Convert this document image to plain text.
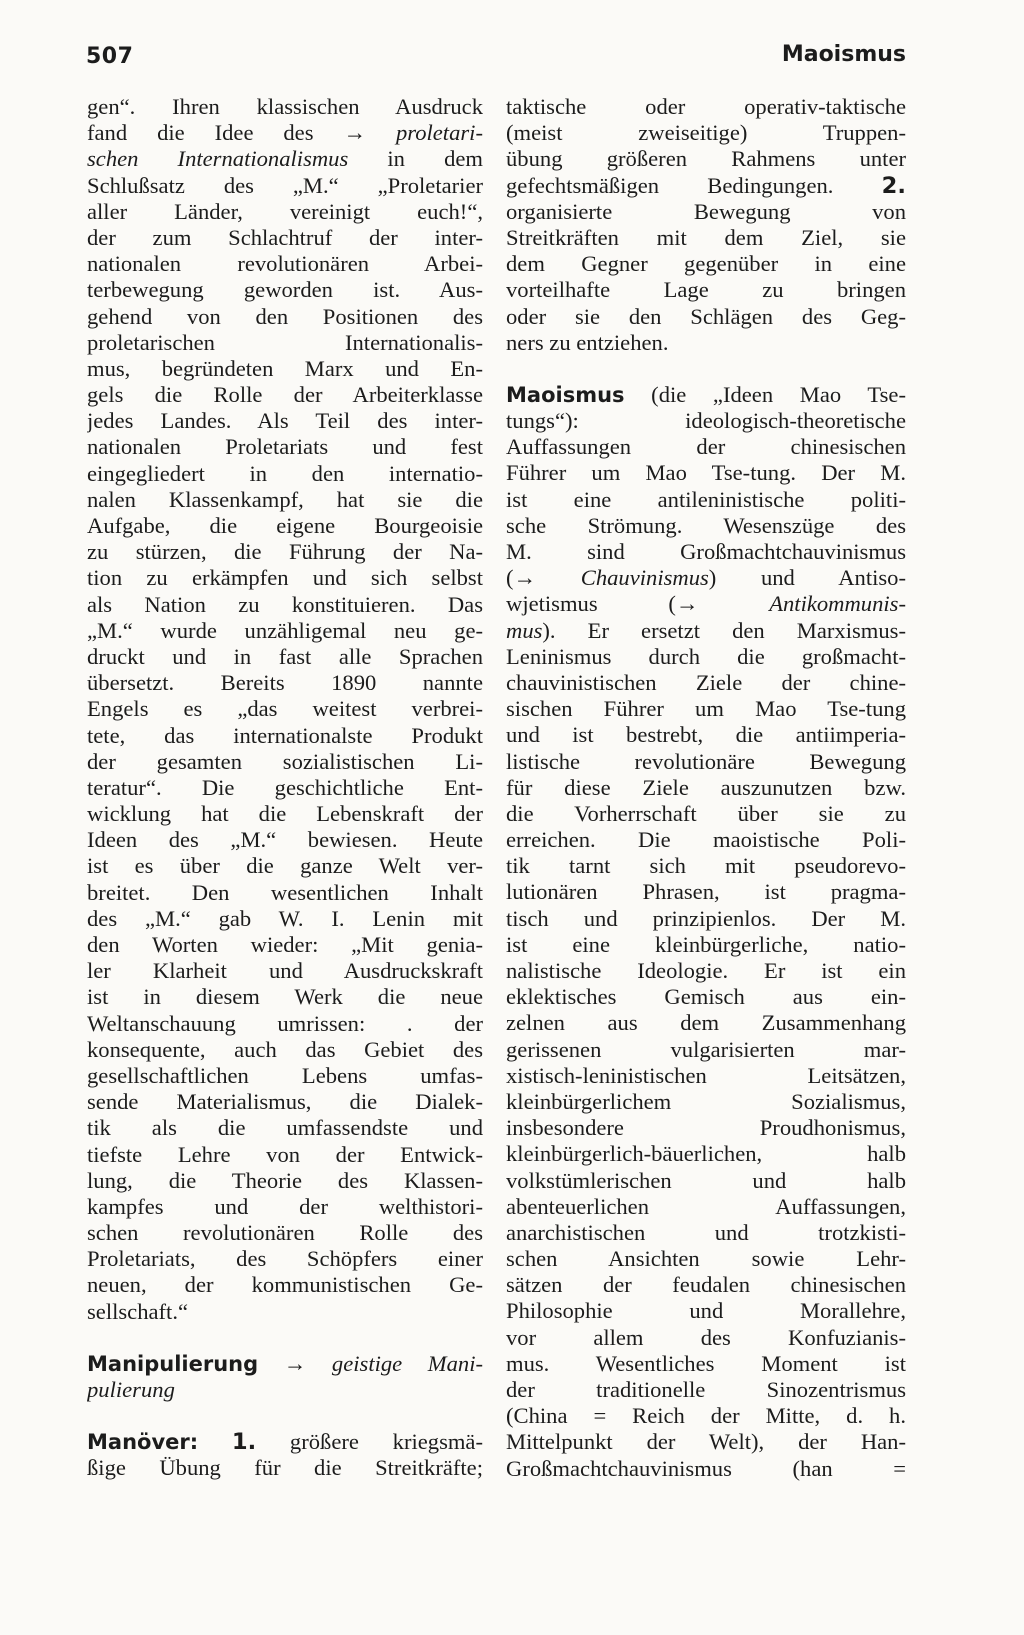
507	Maoismus
gen“. Ihren klassischen Ausdruck
fand die Idee des → proletari-
schen Internationalismus in dem
Schlußsatz des „M.“ „Proletarier
aller Länder, vereinigt euch!“,
der zum Schlachtruf der inter-
nationalen revolutionären Arbei-
terbewegung geworden ist. Aus-
gehend von den Positionen des
proletarischen Internationalis-
mus, begründeten Marx und En-
gels die Rolle der Arbeiterklasse
jedes Landes. Als Teil des inter-
nationalen Proletariats und fest
eingegliedert in den internatio-
nalen Klassenkampf, hat sie die
Aufgabe, die eigene Bourgeoisie
zu stürzen, die Führung der Na-
tion zu erkämpfen und sich selbst
als Nation zu konstituieren. Das
„M.“ wurde unzähligemal neu ge-
druckt und in fast alle Sprachen
übersetzt. Bereits 1890 nannte
Engels es „das weitest verbrei-
tete, das internationalste Produkt
der gesamten sozialistischen Li-
teratur“. Die geschichtliche Ent-
wicklung hat die Lebenskraft der
Ideen des „M.“ bewiesen. Heute
ist es über die ganze Welt ver-
breitet. Den wesentlichen Inhalt
des „M.“ gab W. I. Lenin mit
den Worten wieder: „Mit genia-
ler Klarheit und Ausdruckskraft
ist in diesem Werk die neue
Weltanschauung umrissen: . der
konsequente, auch das Gebiet des
gesellschaftlichen Lebens umfas-
sende Materialismus, die Dialek-
tik als die umfassendste und
tiefste Lehre von der Entwick-
lung, die Theorie des Klassen-
kampfes und der welthistori-
schen revolutionären Rolle des
Proletariats, des Schöpfers einer
neuen, der kommunistischen Ge-
sellschaft.“
Manipulierung → geistige Mani-
pulierung
Manöver: 1. größere kriegsmä-
ßige Übung für die Streitkräfte;
taktische oder operativ-taktische
(meist zweiseitige) Truppen-
übung größeren Rahmens unter
gefechtsmäßigen Bedingungen. 2.
organisierte Bewegung von
Streitkräften mit dem Ziel, sie
dem Gegner gegenüber in eine
vorteilhafte Lage zu bringen
oder sie den Schlägen des Geg-
ners zu entziehen.
Maoismus (die „Ideen Mao Tse-
tungs“): ideologisch-theoretische
Auffassungen der chinesischen
Führer um Mao Tse-tung. Der M.
ist eine antileninistische politi-
sche Strömung. Wesenszüge des
M. sind Großmachtchauvinismus
(→ Chauvinismus) und Antiso-
wjetismus (→	Antikommunis-
mus). Er ersetzt den Marxismus-
Leninismus durch die großmacht-
chauvinistischen Ziele der chine-
sischen Führer um Mao Tse-tung
und ist bestrebt, die antiimperia-
listische revolutionäre Bewegung
für diese Ziele auszunutzen bzw.
die Vorherrschaft über sie zu
erreichen. Die maoistische Poli-
tik tarnt sich mit pseudorevo-
lutionären Phrasen, ist pragma-
tisch und prinzipienlos. Der M.
ist eine kleinbürgerliche, natio-
nalistische Ideologie. Er ist ein
eklektisches Gemisch aus ein-
zelnen aus dem Zusammenhang
gerissenen vulgarisierten mar-
xistisch-leninistischen Leitsätzen,
kleinbürgerlichem Sozialismus,
insbesondere Proudhonismus,
kleinbürgerlich-bäuerlichen, halb
volkstümlerischen und halb
abenteuerlichen Auffassungen,
anarchistischen und trotzkisti-
schen Ansichten sowie Lehr-
sätzen der feudalen chinesischen
Philosophie und Morallehre,
vor allem des Konfuzianis-
mus. Wesentliches Moment ist
der traditionelle Sinozentrismus
(China = Reich der Mitte, d. h.
Mittelpunkt der Welt), der Han-
Großmachtchauvinismus (han =
